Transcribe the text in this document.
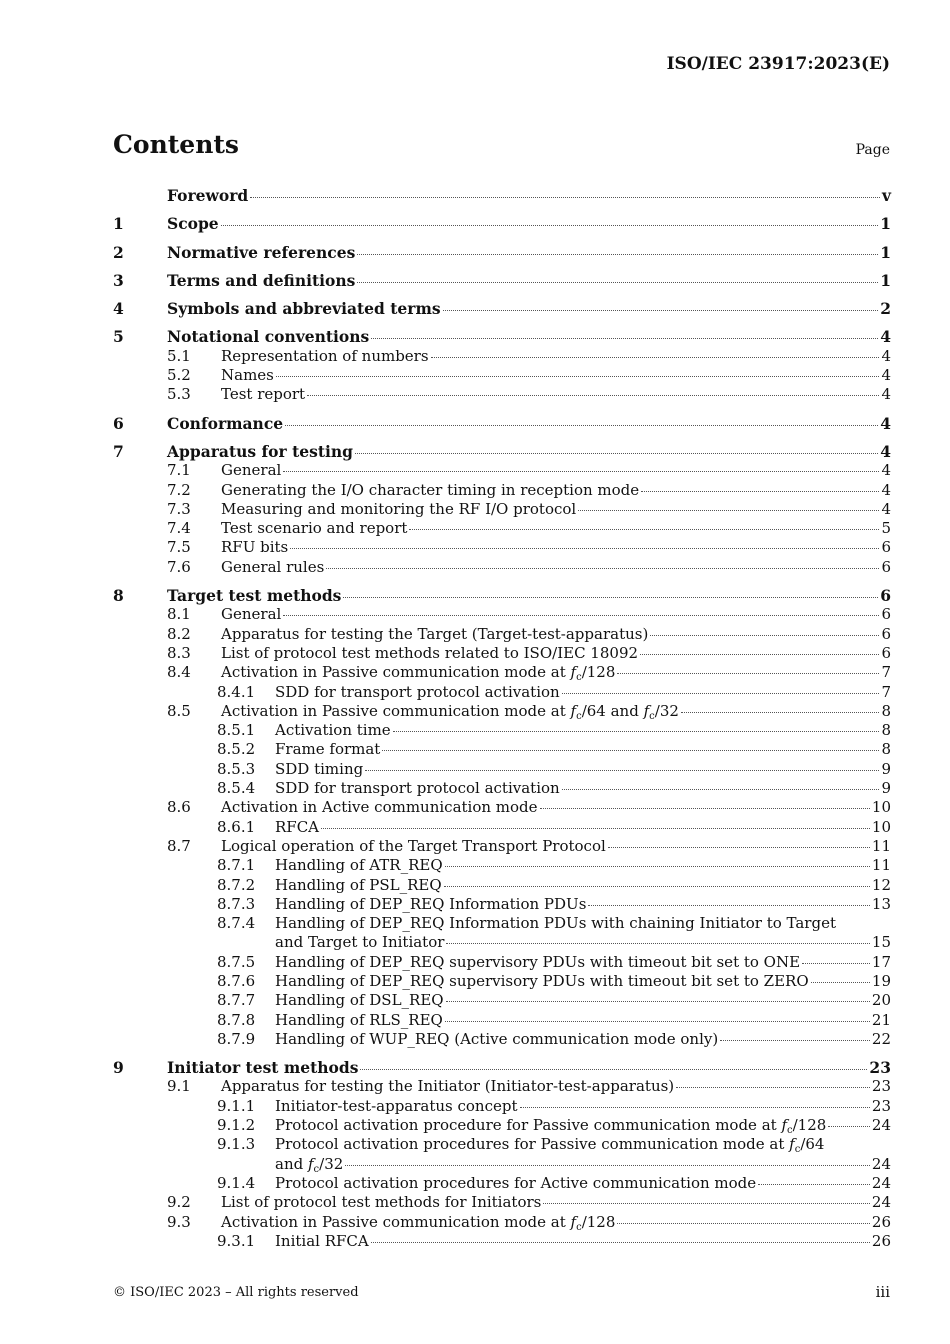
ISO/IEC 23917:2023(E)
Contents	Page
Foreword	v
1	Scope	1
2	Normative references	1
3	Terms and definitions	1
4	Symbols and abbreviated terms	2
5	Notational conventions	4
5.1	Representation of numbers	4
5.2	Names	4
5.3	Test report	4
6	Conformance	4
7	Apparatus for testing	4
7.1	General	4
7.2	Generating the I/O character timing in reception mode	4
7.3	Measuring and monitoring the RF I/O protocol	4
7.4	Test scenario and report	5
7.5	RFU bits	6
7.6	General rules	6
8	Target test methods	6
8.1	General	6
8.2	Apparatus for testing the Target (Target-test-apparatus)	6
8.3	List of protocol test methods related to ISO/IEC 18092	6
8.4	Activation in Passive communication mode at $f_c/128$	7
8.4.1	SDD for transport protocol activation	7
8.5	Activation in Passive communication mode at $f_c/64$ and $f_c/32$	8
8.5.1	Activation time	8
8.5.2	Frame format	8
8.5.3	SDD timing	9
8.5.4	SDD for transport protocol activation	9
8.6	Activation in Active communication mode	10
8.6.1	RFCA	10
8.7	Logical operation of the Target Transport Protocol	11
8.7.1	Handling of ATR_REQ	11
8.7.2	Handling of PSL_REQ	12
8.7.3	Handling of DEP_REQ Information PDUs	13
8.7.4	Handling of DEP_REQ Information PDUs with chaining Initiator to Target
and Target to Initiator	15
8.7.5	Handling of DEP_REQ supervisory PDUs with timeout bit set to ONE	17
8.7.6	Handling of DEP_REQ supervisory PDUs with timeout bit set to ZERO	19
8.7.7	Handling of DSL_REQ	20
8.7.8	Handling of RLS_REQ	21
8.7.9	Handling of WUP_REQ (Active communication mode only)	22
9	Initiator test methods	23
9.1	Apparatus for testing the Initiator (Initiator-test-apparatus)	23
9.1.1	Initiator-test-apparatus concept	23
9.1.2	Protocol activation procedure for Passive communication mode at $f_c/128$	24
9.1.3	Protocol activation procedures for Passive communication mode at $f_c/64$
and $f_c/32$	24
9.1.4	Protocol activation procedures for Active communication mode	24
9.2	List of protocol test methods for Initiators	24
9.3	Activation in Passive communication mode at $f_c/128$	26
9.3.1	Initial RFCA	26
© ISO/IEC 2023 – All rights reserved	iii
